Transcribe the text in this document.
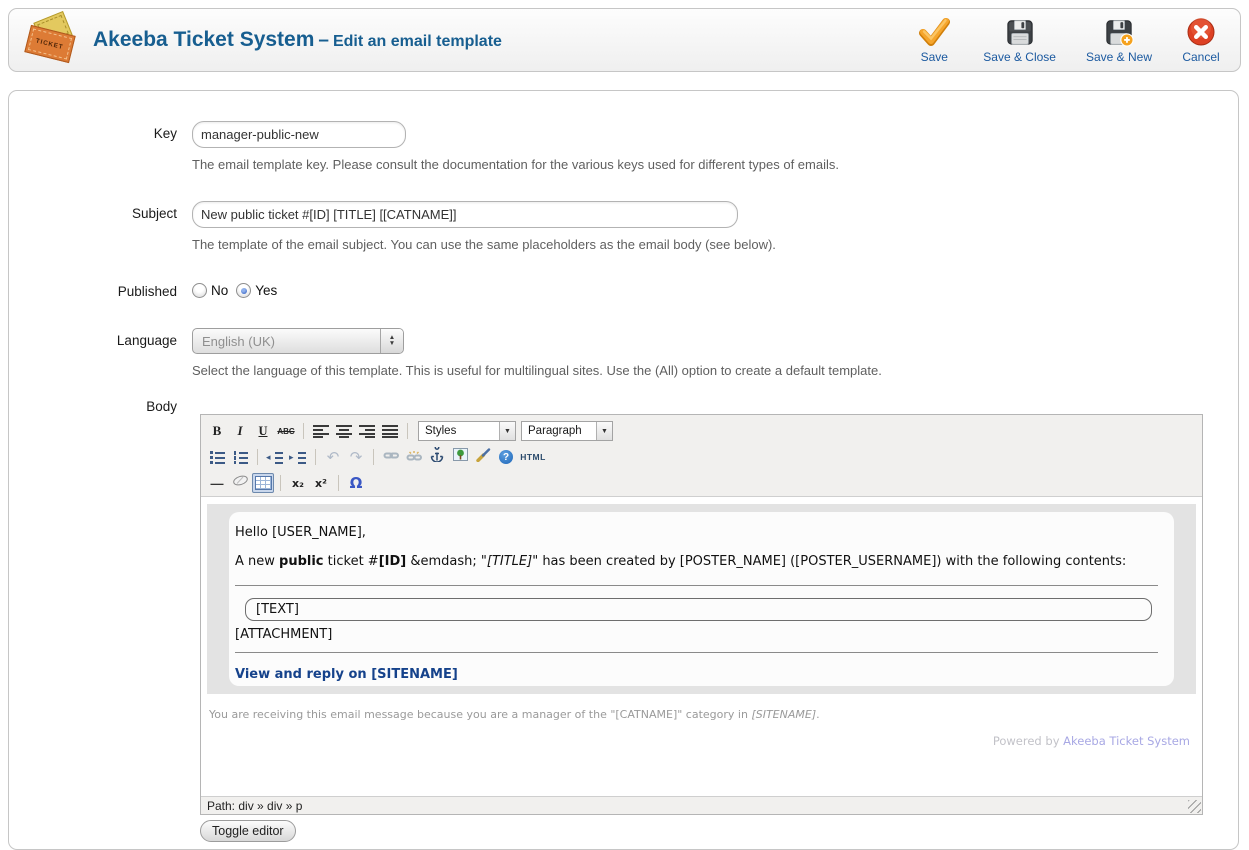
TICKET Akeeba Ticket System – Edit an email template
Save	Save & Close	Save & New	Cancel
Key
manager-public-new
The email template key. Please consult the documentation for the various keys used for different types of emails.
Subject
New public ticket #[ID] [TITLE] [[CATNAME]]
The template of the email subject. You can use the same placeholders as the email body (see below).
Published	No Yes
Language	English (UK)	▲
▼
Select the language of this template. This is useful for multilingual sites. Use the (All) option to create a default template.
Body
B I U ABC	Styles	▼	Paragraph	▼
◂ ▸ ↶ ↷	?	HTML
—	x₂ x² Ω

Hello [USER_NAME],

A new public ticket #[ID] &emdash; "[TITLE]" has been created by [POSTER_NAME] ([POSTER_USERNAME]) with the following contents:

[TEXT]

[ATTACHMENT]

View and reply on [SITENAME]

You are receiving this email message because you are a manager of the "[CATNAME]" category in [SITENAME].
Powered by Akeeba Ticket System
Path: div » div » p
Toggle editor
